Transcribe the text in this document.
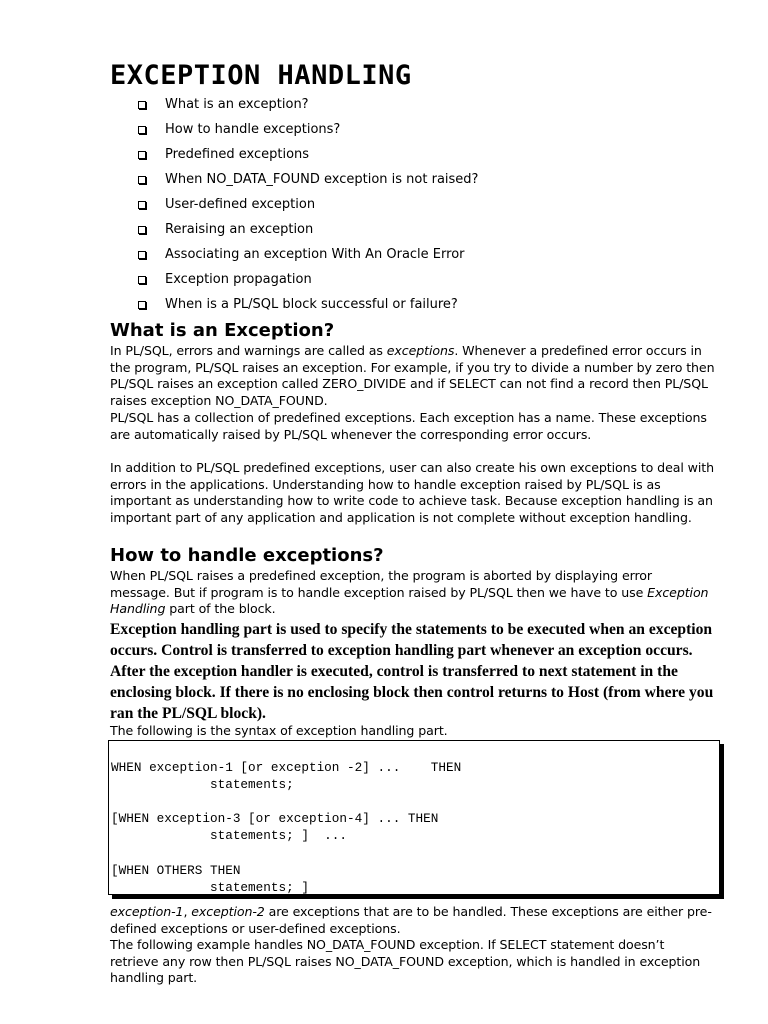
EXCEPTION HANDLING
What is an exception?
How to handle exceptions?
Predefined exceptions
When NO_DATA_FOUND exception is not raised?
User-defined exception
Reraising an exception
Associating an exception With An Oracle Error
Exception propagation
When is a PL/SQL block successful or failure?
What is an Exception?

In PL/SQL, errors and warnings are called as exceptions. Whenever a predefined error occurs in the program, PL/SQL raises an exception. For example, if you try to divide a number by zero then PL/SQL raises an exception called ZERO_DIVIDE and if SELECT can not find a record then PL/SQL raises exception NO_DATA_FOUND.

PL/SQL has a collection of predefined exceptions. Each exception has a name. These exceptions are automatically raised by PL/SQL whenever the corresponding error occurs.

In addition to PL/SQL predefined exceptions, user can also create his own exceptions to deal with errors in the applications. Understanding how to handle exception raised by PL/SQL is as important as understanding how to write code to achieve task. Because exception handling is an important part of any application and application is not complete without exception handling.

How to handle exceptions?

When PL/SQL raises a predefined exception, the program is aborted by displaying error message. But if program is to handle exception raised by PL/SQL then we have to use Exception Handling part of the block.

Exception handling part is used to specify the statements to be executed when an exception occurs. Control is transferred to exception handling part whenever an exception occurs. After the exception handler is executed, control is transferred to next statement in the enclosing block. If there is no enclosing block then control returns to Host (from where you ran the PL/SQL block).

The following is the syntax of exception handling part.

WHEN exception-1 [or exception -2] ...    THEN
statements;

[WHEN exception-3 [or exception-4] ... THEN
statements; ]  ...

[WHEN OTHERS THEN
statements; ]

exception-1, exception-2 are exceptions that are to be handled. These exceptions are either pre-defined exceptions or user-defined exceptions.

The following example handles NO_DATA_FOUND exception. If SELECT statement doesn’t retrieve any row then PL/SQL raises NO_DATA_FOUND exception, which is handled in exception handling part.
